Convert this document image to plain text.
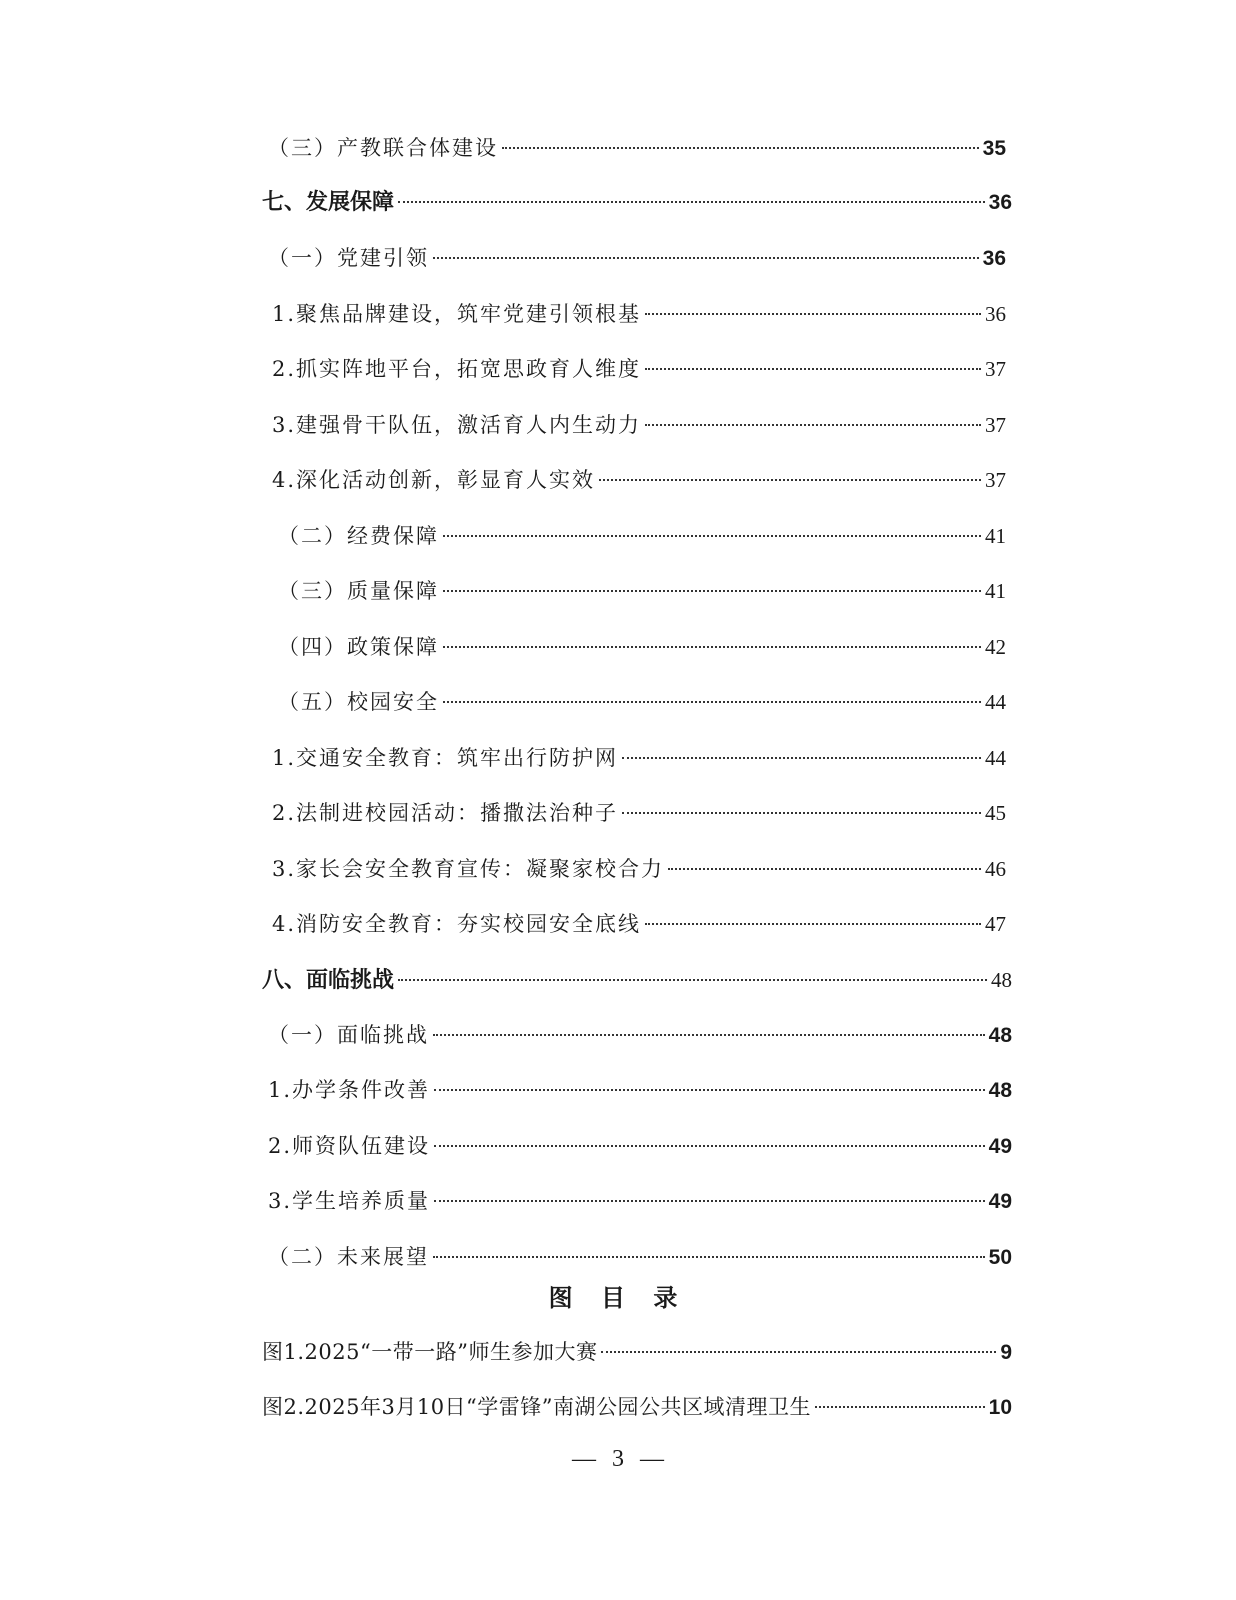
（三）产教联合体建设	35
七、发展保障	36
（一）党建引领	36
1.聚焦品牌建设，筑牢党建引领根基	36
2.抓实阵地平台，拓宽思政育人维度	37
3.建强骨干队伍，激活育人内生动力	37
4.深化活动创新，彰显育人实效	37
（二）经费保障	41
（三）质量保障	41
（四）政策保障	42
（五）校园安全	44
1.交通安全教育：筑牢出行防护网	44
2.法制进校园活动：播撒法治种子	45
3.家长会安全教育宣传：凝聚家校合力	46
4.消防安全教育：夯实校园安全底线	47
八、面临挑战	48
（一）面临挑战	48
1.办学条件改善	48
2.师资队伍建设	49
3.学生培养质量	49
（二）未来展望	50
图 目 录
图1.2025“一带一路”师生参加大赛	9
图2.2025年3月10日“学雷锋”南湖公园公共区域清理卫生	10
— 3 —
